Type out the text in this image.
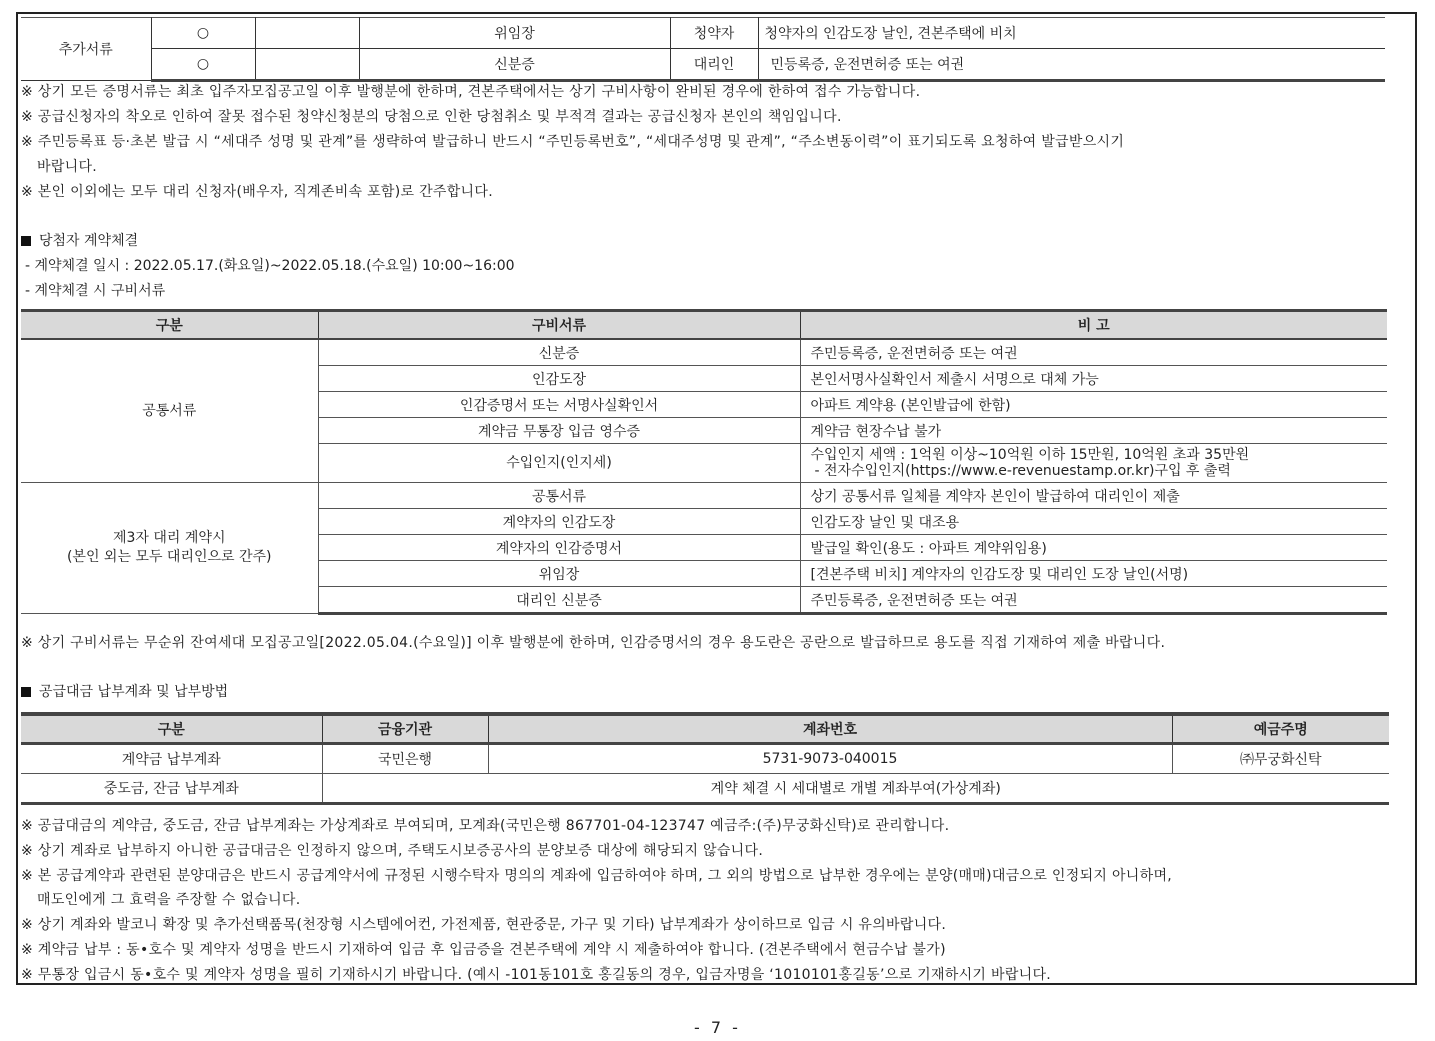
추가서류	○		위임장	청약자	청약자의 인감도장 날인, 견본주택에 비치
	○		신분증	대리인	민등록증, 운전면허증 또는 여권
※ 상기 모든 증명서류는 최초 입주자모집공고일 이후 발행분에 한하며, 견본주택에서는 상기 구비사항이 완비된 경우에 한하여 접수 가능합니다.
※ 공급신청자의 착오로 인하여 잘못 접수된 청약신청분의 당첨으로 인한 당첨취소 및 부적격 결과는 공급신청자 본인의 책임입니다.
※ 주민등록표 등·초본 발급 시 “세대주 성명 및 관계”를 생략하여 발급하니 반드시 “주민등록번호”, “세대주성명 및 관계”, “주소변동이력”이 표기되도록 요청하여 발급받으시기
바랍니다.
※ 본인 이외에는 모두 대리 신청자(배우자, 직계존비속 포함)로 간주합니다.
당첨자 계약체결
- 계약체결 일시 : 2022.05.17.(화요일)~2022.05.18.(수요일) 10:00~16:00
- 계약체결 시 구비서류
구분	구비서류	비 고
공통서류	신분증	주민등록증, 운전면허증 또는 여권
	인감도장	본인서명사실확인서 제출시 서명으로 대체 가능
	인감증명서 또는 서명사실확인서	아파트 계약용 (본인발급에 한함)
	계약금 무통장 입금 영수증	계약금 현장수납 불가
	수입인지(인지세)	수입인지 세액 : 1억원 이상~10억원 이하 15만원, 10억원 초과 35만원
- 전자수입인지(https://www.e-revenuestamp.or.kr)구입 후 출력

제3자 대리 계약시
(본인 외는 모두 대리인으로 간주)	공통서류	상기 공통서류 일체를 계약자 본인이 발급하여 대리인이 제출
	계약자의 인감도장	인감도장 날인 및 대조용
	계약자의 인감증명서	발급일 확인(용도 : 아파트 계약위임용)
	위임장	[견본주택 비치] 계약자의 인감도장 및 대리인 도장 날인(서명)
	대리인 신분증	주민등록증, 운전면허증 또는 여권
※ 상기 구비서류는 무순위 잔여세대 모집공고일[2022.05.04.(수요일)] 이후 발행분에 한하며, 인감증명서의 경우 용도란은 공란으로 발급하므로 용도를 직접 기재하여 제출 바랍니다.
공급대금 납부계좌 및 납부방법
구분	금융기관	계좌번호	예금주명
계약금 납부계좌	국민은행	5731-9073-040015	㈜무궁화신탁
중도금, 잔금 납부계좌	계약 체결 시 세대별로 개별 계좌부여(가상계좌)		
※ 공급대금의 계약금, 중도금, 잔금 납부계좌는 가상계좌로 부여되며, 모계좌(국민은행 867701-04-123747 예금주:(주)무궁화신탁)로 관리합니다.
※ 상기 계좌로 납부하지 아니한 공급대금은 인정하지 않으며, 주택도시보증공사의 분양보증 대상에 해당되지 않습니다.
※ 본 공급계약과 관련된 분양대금은 반드시 공급계약서에 규정된 시행수탁자 명의의 계좌에 입금하여야 하며, 그 외의 방법으로 납부한 경우에는 분양(매매)대금으로 인정되지 아니하며,
매도인에게 그 효력을 주장할 수 없습니다.
※ 상기 계좌와 발코니 확장 및 추가선택품목(천장형 시스템에어컨, 가전제품, 현관중문, 가구 및 기타) 납부계좌가 상이하므로 입금 시 유의바랍니다.
※ 계약금 납부 : 동•호수 및 계약자 성명을 반드시 기재하여 입금 후 입금증을 견본주택에 계약 시 제출하여야 합니다. (견본주택에서 현금수납 불가)
※ 무통장 입금시 동•호수 및 계약자 성명을 필히 기재하시기 바랍니다. (예시 -101동101호 홍길동의 경우, 입금자명을 ‘1010101홍길동’으로 기재하시기 바랍니다.
- 7 -
